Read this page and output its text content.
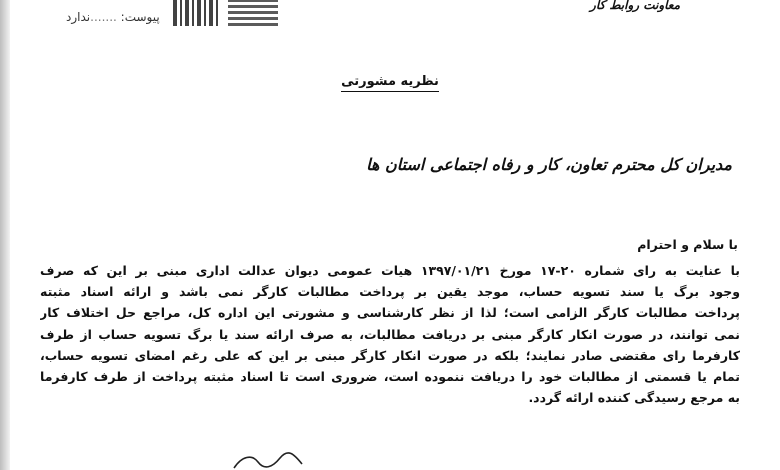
پیوست: .......ندارد
معاونت روابط کار
نظریه مشورتی
مدیران کل محترم تعاون، کار و رفاه اجتماعی استان ها
با سلام و احترام
با عنایت به رای شماره ۲۰-۱۷ مورخ ۱۳۹۷/۰۱/۲۱ هیات عمومی دیوان عدالت اداری مبنی بر این که صرف
وجود برگ یا سند تسویه حساب، موجد یقین بر پرداخت مطالبات کارگر نمی باشد و ارائه اسناد مثبته
پرداخت مطالبات کارگر الزامی است؛ لذا از نظر کارشناسی و مشورتی این اداره کل، مراجع حل اختلاف کار
نمی توانند، در صورت انکار کارگر مبنی بر دریافت مطالبات، به صرف ارائه سند یا برگ تسویه حساب از طرف
کارفرما رای مقتضی صادر نمایند؛ بلکه در صورت انکار کارگر مبنی بر این که علی رغم امضای تسویه حساب،
تمام یا قسمتی از مطالبات خود را دریافت ننموده است، ضروری است تا اسناد مثبته پرداخت از طرف کارفرما
به مرجع رسیدگی کننده ارائه گردد.
